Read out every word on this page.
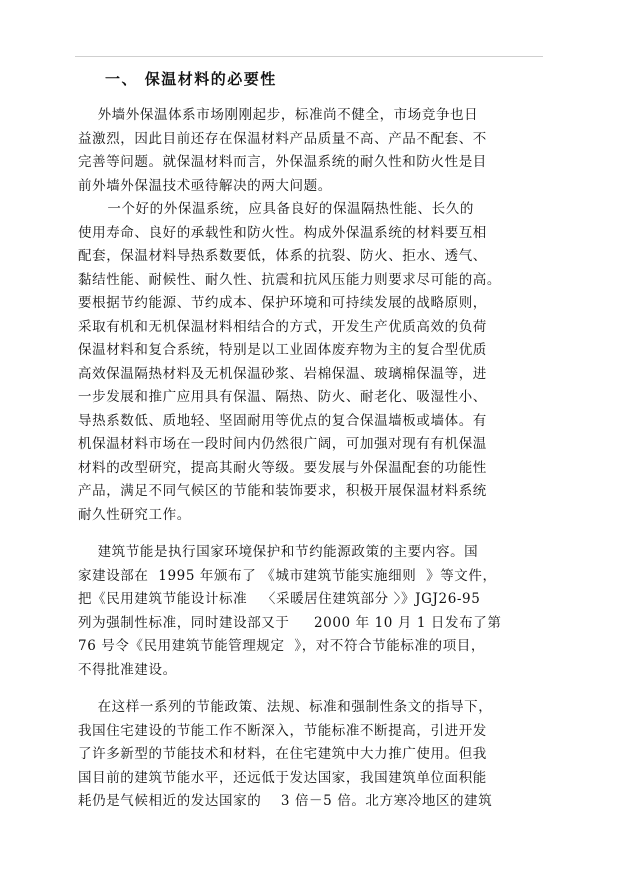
一、 保温材料的必要性
外墙外保温体系市场刚刚起步，标准尚不健全，市场竞争也日
益激烈，因此目前还存在保温材料产品质量不高、产品不配套、不
完善等问题。就保温材料而言，外保温系统的耐久性和防火性是目
前外墙外保温技术亟待解决的两大问题。
一个好的外保温系统，应具备良好的保温隔热性能、长久的
使用寿命、良好的承载性和防火性。构成外保温系统的材料要互相
配套，保温材料导热系数要低，体系的抗裂、防火、拒水、透气、
黏结性能、耐候性、耐久性、抗震和抗风压能力则要求尽可能的高。
要根据节约能源、节约成本、保护环境和可持续发展的战略原则，
采取有机和无机保温材料相结合的方式，开发生产优质高效的负荷
保温材料和复合系统，特别是以工业固体废弃物为主的复合型优质
高效保温隔热材料及无机保温砂浆、岩棉保温、玻璃棉保温等，进
一步发展和推广应用具有保温、隔热、防火、耐老化、吸湿性小、
导热系数低、质地轻、坚固耐用等优点的复合保温墙板或墙体。有
机保温材料市场在一段时间内仍然很广阔，可加强对现有有机保温
材料的改型研究，提高其耐火等级。要发展与外保温配套的功能性
产品，满足不同气候区的节能和装饰要求，积极开展保温材料系统
耐久性研究工作。
建筑节能是执行国家环境保护和节约能源政策的主要内容。国
家建设部在  1995 年颁布了 《城市建筑节能实施细则  》等文件，
把《民用建筑节能设计标准   〈采暖居住建筑部分 〉》JGJ26-95
列为强制性标准，同时建设部又于     2000 年 10 月 1 日发布了第
76 号令《民用建筑节能管理规定  》，对不符合节能标准的项目，
不得批准建设。
在这样一系列的节能政策、法规、标准和强制性条文的指导下，
我国住宅建设的节能工作不断深入，节能标准不断提高，引进开发
了许多新型的节能技术和材料，在住宅建筑中大力推广使用。但我
国目前的建筑节能水平，还远低于发达国家，我国建筑单位面积能
耗仍是气候相近的发达国家的    3 倍－5 倍。北方寒冷地区的建筑
